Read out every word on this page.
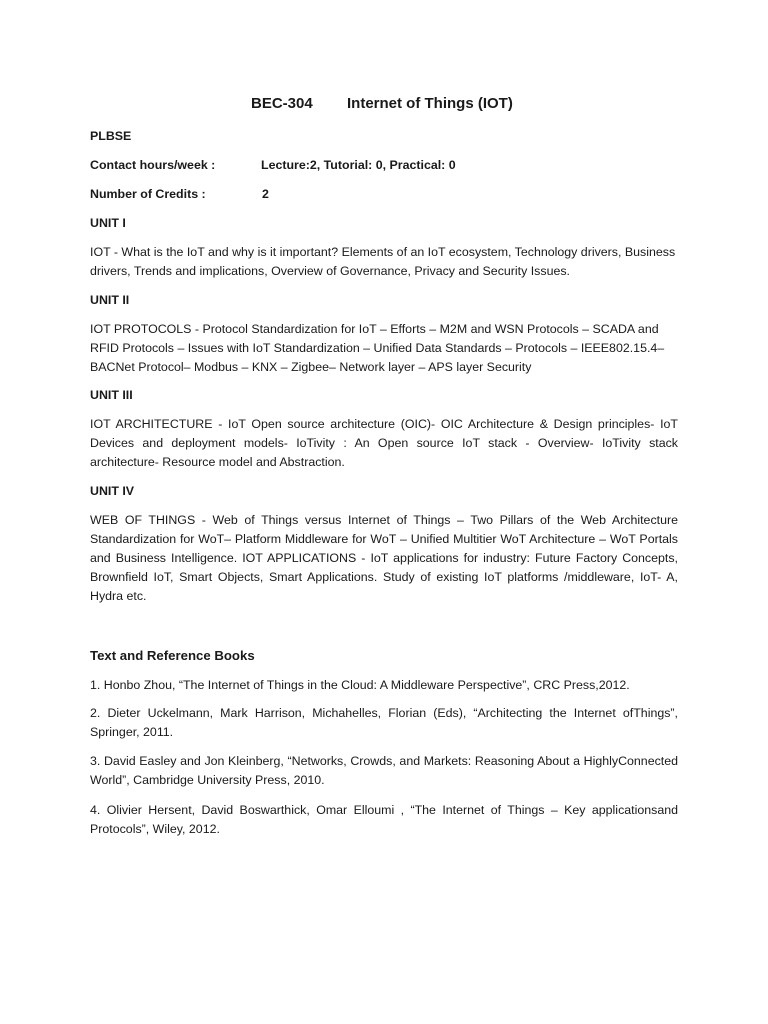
BEC-304 Internet of Things (IOT)
PLBSE
Contact hours/week :	Lecture:2, Tutorial: 0, Practical: 0
Number of Credits :	2
UNIT I
IOT - What is the IoT and why is it important? Elements of an IoT ecosystem, Technology drivers, Business drivers, Trends and implications, Overview of Governance, Privacy and Security Issues.
UNIT II
IOT PROTOCOLS - Protocol Standardization for IoT – Efforts – M2M and WSN Protocols – SCADA and RFID Protocols – Issues with IoT Standardization – Unified Data Standards – Protocols – IEEE802.15.4–BACNet Protocol– Modbus – KNX – Zigbee– Network layer – APS layer Security
UNIT III
IOT ARCHITECTURE - IoT Open source architecture (OIC)- OIC Architecture & Design principles- IoT Devices and deployment models- IoTivity : An Open source IoT stack - Overview- IoTivity stack architecture- Resource model and Abstraction.
UNIT IV
WEB OF THINGS - Web of Things versus Internet of Things – Two Pillars of the Web Architecture Standardization for WoT– Platform Middleware for WoT – Unified Multitier WoT Architecture – WoT Portals and Business Intelligence. IOT APPLICATIONS - IoT applications for industry: Future Factory Concepts, Brownfield IoT, Smart Objects, Smart Applications. Study of existing IoT platforms /middleware, IoT- A, Hydra etc.
Text and Reference Books
1. Honbo Zhou, “The Internet of Things in the Cloud: A Middleware Perspective”, CRC Press,2012.
2. Dieter Uckelmann, Mark Harrison, Michahelles, Florian (Eds), “Architecting the Internet ofThings”, Springer, 2011.
3. David Easley and Jon Kleinberg, “Networks, Crowds, and Markets: Reasoning About a HighlyConnected World”, Cambridge University Press, 2010.
4. Olivier Hersent, David Boswarthick, Omar Elloumi , “The Internet of Things – Key applicationsand Protocols”, Wiley, 2012.
